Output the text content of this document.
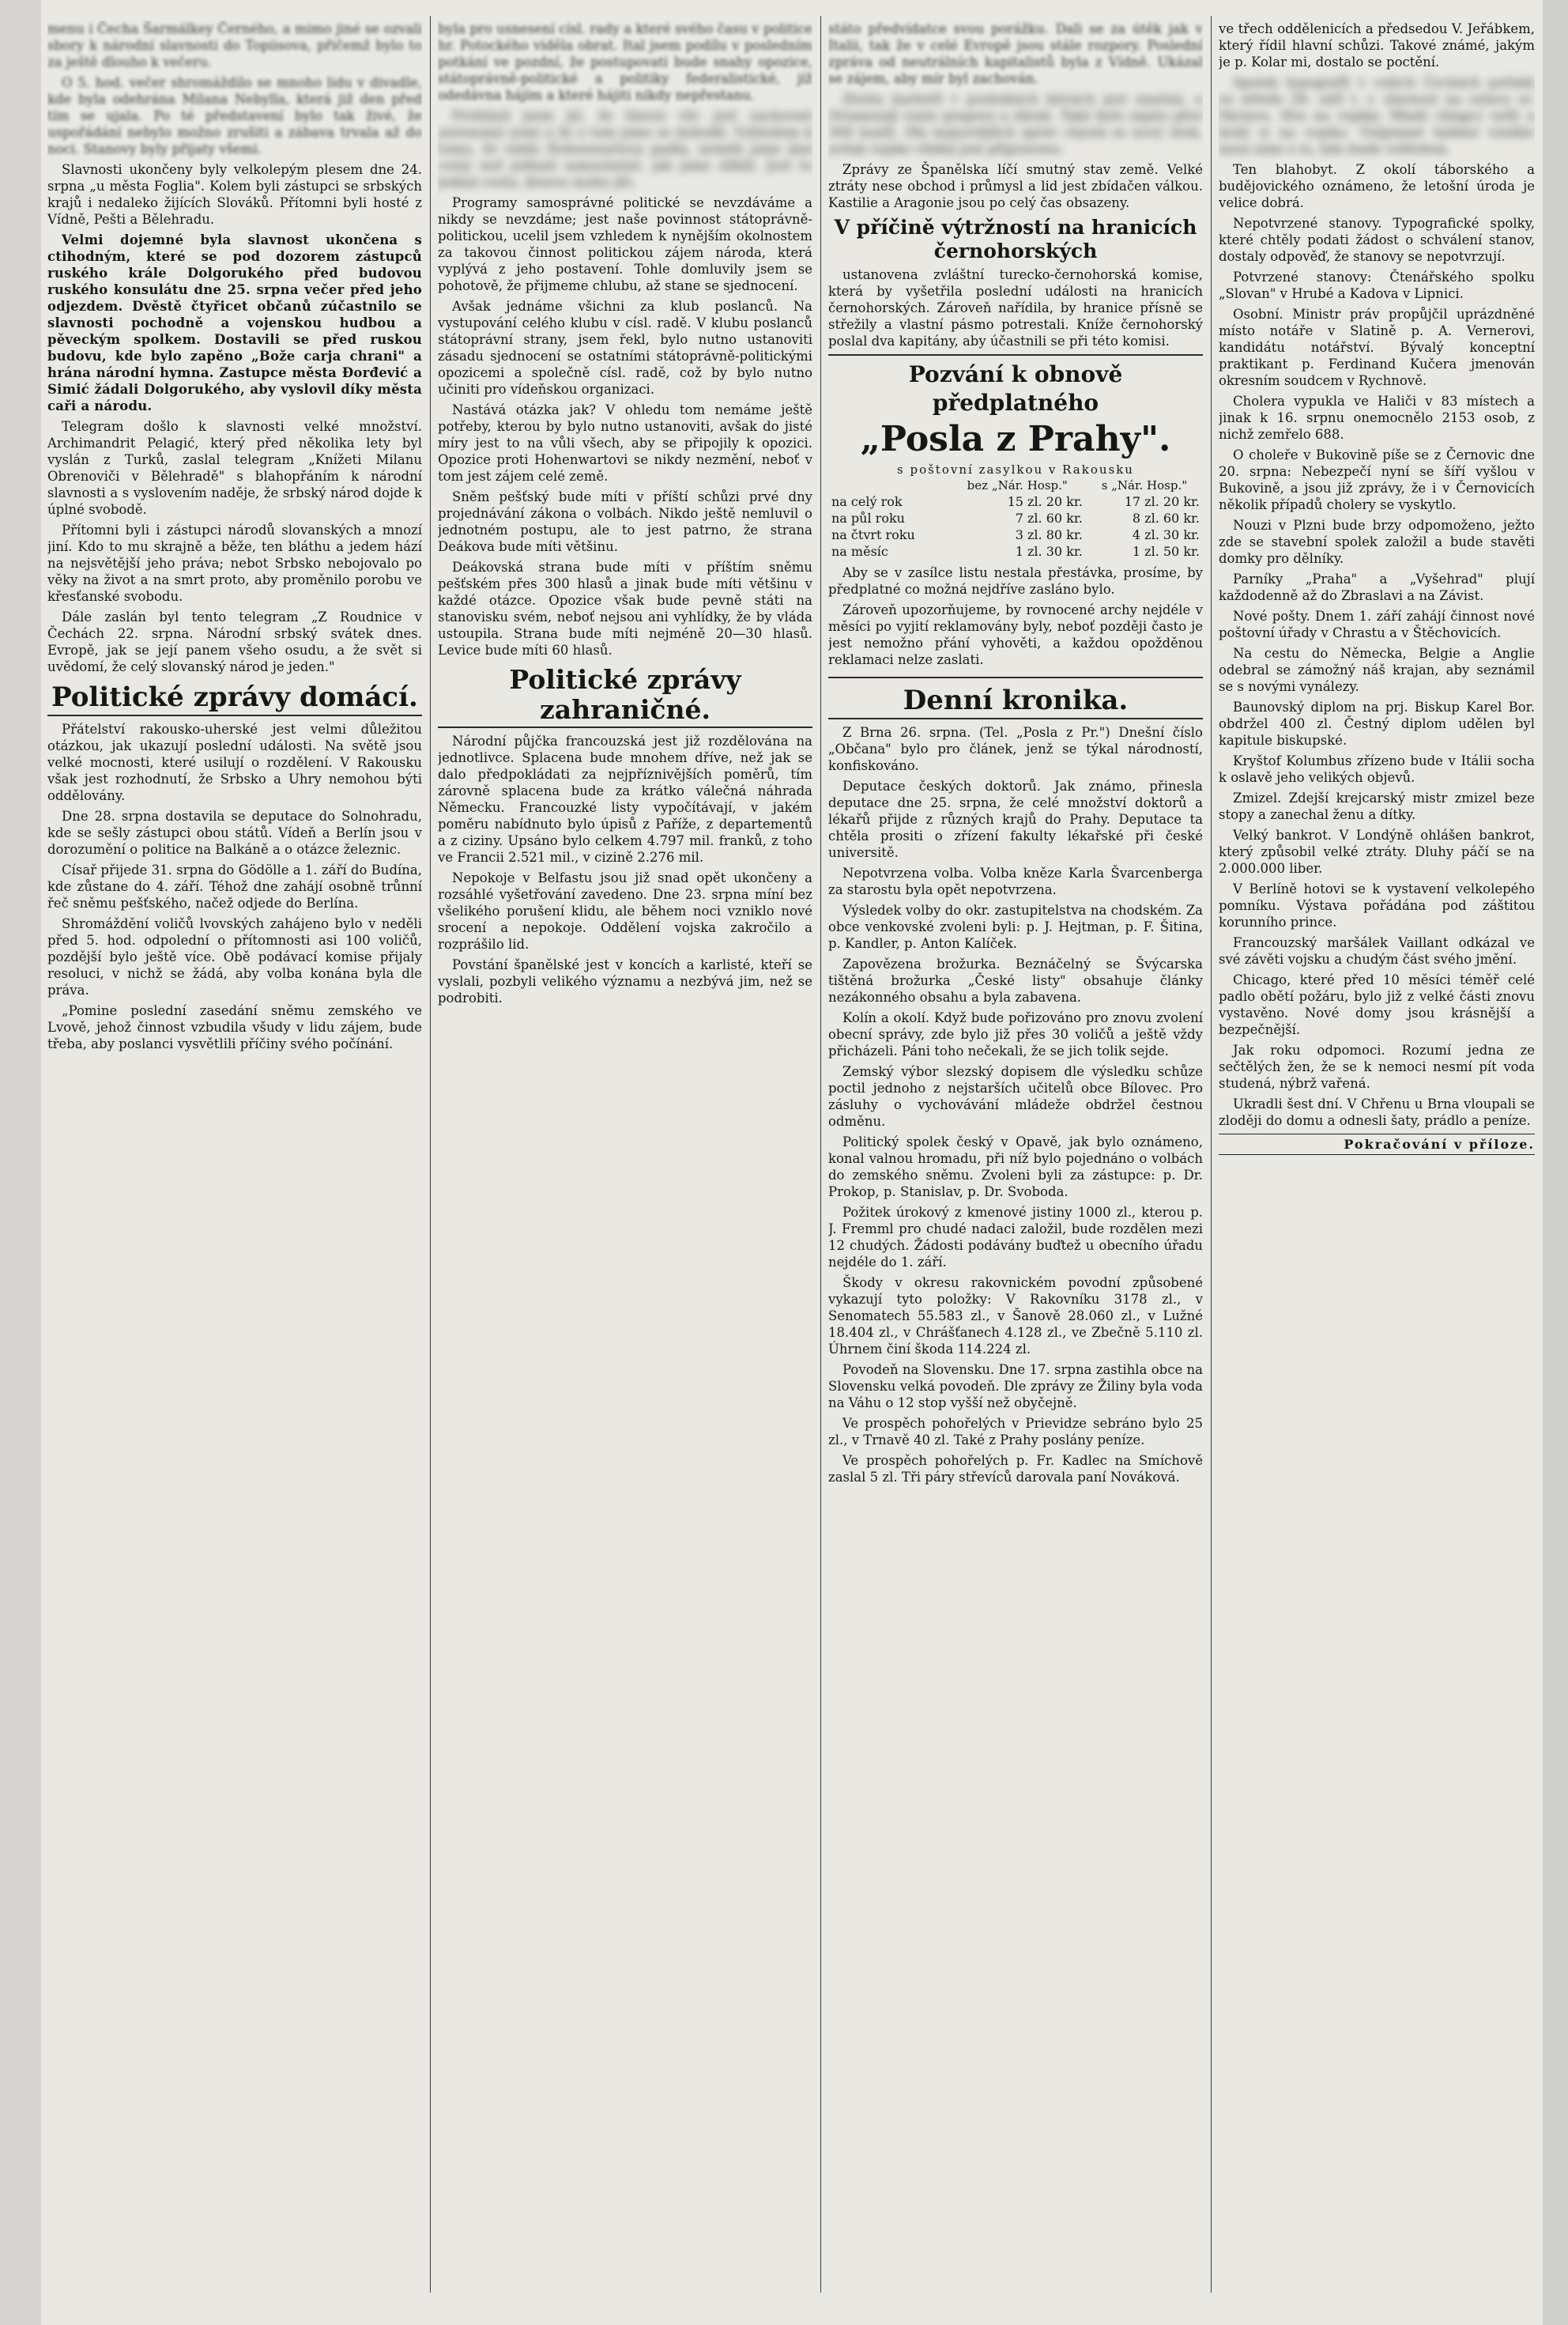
menu i Čecha Šarmálkey Černého, a mimo jiné se ozvali sbory k národní slavnosti do Topiisova, přičemž bylo to za ještě dlouho k večeru.

O 5. hod. večer shromáždilo se mnoho lidu v divadle, kde byla odehrána Milana Nebylla, která již den před tím se ujala. Po té představení bylo tak živé, že uspořádání nebylo možno zrušiti a zábava trvala až do noci. Stanovy byly přijaty všemi.

Slavnosti ukončeny byly velkolepým plesem dne 24. srpna „u města Foglia". Kolem byli zástupci se srbských krajů i nedaleko žijících Slováků. Přítomni byli hosté z Vídně, Pešti a Bělehradu.

Velmi dojemné byla slavnost ukončena s ctihodným, které se pod dozorem zástupců ruského krále Dolgorukého před budovou ruského konsulátu dne 25. srpna večer před jeho odjezdem. Dvěstě čtyřicet občanů zúčastnilo se slavnosti pochodně a vojenskou hudbou a pěveckým spolkem. Dostavili se před ruskou budovu, kde bylo zapěno „Bože carja chrani" a hrána národní hymna. Zastupce města Đorđević a Simić žádali Dolgorukého, aby vyslovil díky města caři a národu.

Telegram došlo k slavnosti velké množství. Archimandrit Pelagić, který před několika lety byl vyslán z Turků, zaslal telegram „Knížeti Milanu Obrenoviči v Bělehradě" s blahopřáním k národní slavnosti a s vyslovením naděje, že srbský národ dojde k úplné svobodě.

Přítomni byli i zástupci národů slovanských a mnozí jiní. Kdo to mu skrajně a běže, ten bláthu a jedem hází na nejsvětější jeho práva; nebot Srbsko nebojovalo po věky na život a na smrt proto, aby proměnilo porobu ve křesťanské svobodu.

Dále zaslán byl tento telegram „Z Roudnice v Čechách 22. srpna. Národní srbský svátek dnes. Evropě, jak se její panem všeho osudu, a že svět si uvědomí, že celý slovanský národ je jeden."

Politické zprávy domácí.

Přátelství rakousko-uherské jest velmi důležitou otázkou, jak ukazují poslední události. Na světě jsou velké mocnosti, které usilují o rozdělení. V Rakousku však jest rozhodnutí, že Srbsko a Uhry nemohou býti oddělovány.

Dne 28. srpna dostavila se deputace do Solnohradu, kde se sešly zástupci obou států. Vídeň a Berlín jsou v dorozumění o politice na Balkáně a o otázce železnic.

Císař přijede 31. srpna do Gödölle a 1. září do Budína, kde zůstane do 4. září. Téhož dne zahájí osobně trůnní řeč sněmu pešťského, načež odjede do Berlína.

Shromáždění voličů lvovských zahájeno bylo v neděli před 5. hod. odpolední o přítomnosti asi 100 voličů, pozdější bylo ještě více. Obě podávací komise přijaly resoluci, v nichž se žádá, aby volba konána byla dle práva.

„Pomine poslední zasedání sněmu zemského ve Lvově, jehož činnost vzbudila všudy v lidu zájem, bude třeba, aby poslanci vysvětlili příčiny svého počínání.

byla pro usnesení císl. rady a které svého času v politice hr. Potockého viděla obrat. Ital jsem podílu v posledním potkání ve pozdní, že postupovati bude snahy opozice, státoprávně-politické a politiky federalistické, jíž odedávna hájím a které hájiti nikdy nepřestanu.

Prohlásil jsem již, že hlavní věc jest zachovati autonomii zemí a že o tom jsme se dohodli. Vzhledem k tomu, že vláda Hohenwartova padla, neměli jsme jiné cesty než jednati samostatně, jak jsme slíbili. Jest to jediná cesta, kterou mohu jíti.

Programy samosprávné politické se nevzdáváme a nikdy se nevzdáme; jest naše povinnost státoprávně-politickou, ucelil jsem vzhledem k nynějším okolnostem za takovou činnost politickou zájem národa, která vyplývá z jeho postavení. Tohle domluvily jsem se pohotově, že přijmeme chlubu, až stane se sjednocení.

Avšak jednáme všichni za klub poslanců. Na vystupování celého klubu v císl. radě. V klubu poslanců státoprávní strany, jsem řekl, bylo nutno ustanoviti zásadu sjednocení se ostatními státoprávně-politickými opozicemi a společně císl. radě, což by bylo nutno učiniti pro vídeňskou organizaci.

Nastává otázka jak? V ohledu tom nemáme ještě potřeby, kterou by bylo nutno ustanoviti, avšak do jisté míry jest to na vůli všech, aby se připojily k opozici. Opozice proti Hohenwartovi se nikdy nezmění, neboť v tom jest zájem celé země.

Sněm pešťský bude míti v příští schůzi prvé dny projednávání zákona o volbách. Nikdo ještě nemluvil o jednotném postupu, ale to jest patrno, že strana Deákova bude míti většinu.

Deákovská strana bude míti v příštím sněmu pešťském přes 300 hlasů a jinak bude míti většinu v každé otázce. Opozice však bude pevně státi na stanovisku svém, neboť nejsou ani vyhlídky, že by vláda ustoupila. Strana bude míti nejméně 20—30 hlasů. Levice bude míti 60 hlasů.

Politické zprávy zahraničné.

Národní půjčka francouzská jest již rozdělována na jednotlivce. Splacena bude mnohem dříve, než jak se dalo předpokládati za nejpříznivějších poměrů, tím zárovně splacena bude za krátko válečná náhrada Německu. Francouzké listy vypočítávají, v jakém poměru nabídnuto bylo úpisů z Paříže, z departementů a z ciziny. Upsáno bylo celkem 4.797 mil. franků, z toho ve Francii 2.521 mil., v cizině 2.276 mil.

Nepokoje v Belfastu jsou již snad opět ukončeny a rozsáhlé vyšetřování zavedeno. Dne 23. srpna míní bez všelikého porušení klidu, ale během noci vzniklo nové srocení a nepokoje. Oddělení vojska zakročilo a rozprášilo lid.

Povstání španělské jest v koncích a karlisté, kteří se vyslali, pozbyli velikého významu a nezbývá jim, než se podrobiti.

státo předvídatce svou porážku. Dali se za útěk jak v Italii, tak že v celé Evropě jsou stále rozpory. Poslední zpráva od neutrálních kapitalistů byla z Vídně. Ukázal se zájem, aby mír byl zachován.

Ztráta karlistů v posledních bitvách jest značná; u Oriamendi vzaty prapory a zbraň. Také bylo zajato přes 300 mužů. Dle nejnovějších zpráv chystá se nový útok, avšak vojsko vládní jest připraveno.

Zprávy ze Španělska líčí smutný stav země. Velké ztráty nese obchod i průmysl a lid jest zbídačen válkou. Kastilie a Aragonie jsou po celý čas obsazeny.

V příčině výtržností na hranicích černohorských

ustanovena zvláštní turecko-černohorská komise, která by vyšetřila poslední události na hranicích černohorských. Zároveň nařídila, by hranice přísně se střežily a vlastní pásmo potrestali. Kníže černohorský poslal dva kapitány, aby účastnili se při této komisi.

Pozvání k obnově předplatného
„Posla z Prahy".
s poštovní zasylkou v Rakousku
	bez „Nár. Hosp."	s „Nár. Hosp."
na celý rok	15 zl. 20 kr.	17 zl. 20 kr.
na půl roku	7 zl. 60 kr.	8 zl. 60 kr.
na čtvrt roku	3 zl. 80 kr.	4 zl. 30 kr.
na měsíc	1 zl. 30 kr.	1 zl. 50 kr.

Aby se v zasílce listu nestala přestávka, prosíme, by předplatné co možná nejdříve zasláno bylo.

Zároveň upozorňujeme, by rovnocené archy nejdéle v měsíci po vyjití reklamovány byly, neboť později často je jest nemožno přání vyhověti, a každou opožděnou reklamaci nelze zaslati.

Denní kronika.

Z Brna 26. srpna. (Tel. „Posla z Pr.") Dnešní číslo „Občana" bylo pro článek, jenž se týkal národností, konfiskováno.

Deputace českých doktorů. Jak známo, přinesla deputace dne 25. srpna, že celé množství doktorů a lékařů přijde z různých krajů do Prahy. Deputace ta chtěla prositi o zřízení fakulty lékařské při české universitě.

Nepotvrzena volba. Volba kněze Karla Švarcenberga za starostu byla opět nepotvrzena.

Výsledek volby do okr. zastupitelstva na chodském. Za obce venkovské zvoleni byli: p. J. Hejtman, p. F. Šitina, p. Kandler, p. Anton Kalíček.

Zapovězena brožurka. Beznáčelný se Švýcarska tištěná brožurka „České listy" obsahuje články nezákonného obsahu a byla zabavena.

Kolín a okolí. Když bude pořizováno pro znovu zvolení obecní správy, zde bylo již přes 30 voličů a ještě vždy přicházeli. Páni toho nečekali, že se jich tolik sejde.

Zemský výbor slezský dopisem dle výsledku schůze poctil jednoho z nejstarších učitelů obce Bílovec. Pro zásluhy o vychovávání mládeže obdržel čestnou odměnu.

Politický spolek český v Opavě, jak bylo oznámeno, konal valnou hromadu, při níž bylo pojednáno o volbách do zemského sněmu. Zvoleni byli za zástupce: p. Dr. Prokop, p. Stanislav, p. Dr. Svoboda.

Požitek úrokový z kmenové jistiny 1000 zl., kterou p. J. Fremml pro chudé nadaci založil, bude rozdělen mezi 12 chudých. Žádosti podávány buďtež u obecního úřadu nejdéle do 1. září.

Škody v okresu rakovnickém povodní způsobené vykazují tyto položky: V Rakovníku 3178 zl., v Senomatech 55.583 zl., v Šanově 28.060 zl., v Lužné 18.404 zl., v Chrášťanech 4.128 zl., ve Zbečně 5.110 zl. Úhrnem činí škoda 114.224 zl.

Povodeň na Slovensku. Dne 17. srpna zastihla obce na Slovensku velká povodeň. Dle zprávy ze Žiliny byla voda na Váhu o 12 stop vyšší než obyčejně.

Ve prospěch pohořelých v Prievidze sebráno bylo 25 zl., v Trnavě 40 zl. Také z Prahy poslány peníze.

Ve prospěch pohořelých p. Fr. Kadlec na Smíchově zaslal 5 zl. Tři páry střevíců darovala paní Nováková.

ve třech oddělenicích a předsedou V. Jeřábkem, který řídil hlavní schůzi. Takové známé, jakým je p. Kolar mi, dostalo se poctění.

Spolek typografů v celých Čechách pořádá ve středu 28. září t. r. slavnost na oslavu sv. Václava. Hra na vojáky. Mladí chlapci vyšli a hráli si na vojsko. Vzájemné hádání vzniklo mezi nimi o to, kdo bude velitelem.

Ten blahobyt. Z okolí táborského a budějovického oznámeno, že letošní úroda je velice dobrá.

Nepotvrzené stanovy. Typografické spolky, které chtěly podati žádost o schválení stanov, dostaly odpověď, že stanovy se nepotvrzují.

Potvrzené stanovy: Čtenářského spolku „Slovan" v Hrubé a Kadova v Lipnici.

Osobní. Ministr práv propůjčil uprázdněné místo notáře v Slatině p. A. Vernerovi, kandidátu notářství. Bývalý konceptní praktikant p. Ferdinand Kučera jmenován okresním soudcem v Rychnově.

Cholera vypukla ve Haliči v 83 místech a jinak k 16. srpnu onemocnělo 2153 osob, z nichž zemřelo 688.

O choleře v Bukovině píše se z Černovic dne 20. srpna: Nebezpečí nyní se šíří vyšlou v Bukovině, a jsou již zprávy, že i v Černovicích několik případů cholery se vyskytlo.

Nouzi v Plzni bude brzy odpomoženo, ježto zde se stavební spolek založil a bude stavěti domky pro dělníky.

Parníky „Praha" a „Vyšehrad" plují každodenně až do Zbraslavi a na Závist.

Nové pošty. Dnem 1. září zahájí činnost nové poštovní úřady v Chrastu a v Štěchovicích.

Na cestu do Německa, Belgie a Anglie odebral se zámožný náš krajan, aby seznámil se s novými vynálezy.

Baunovský diplom na prj. Biskup Karel Bor. obdržel 400 zl. Čestný diplom udělen byl kapitule biskupské.

Kryštof Kolumbus zřízeno bude v Itálii socha k oslavě jeho velikých objevů.

Zmizel. Zdejší krejcarský mistr zmizel beze stopy a zanechal ženu a dítky.

Velký bankrot. V Londýně ohlášen bankrot, který způsobil velké ztráty. Dluhy páčí se na 2.000.000 liber.

V Berlíně hotovi se k vystavení velkolepého pomníku. Výstava pořádána pod záštitou korunního prince.

Francouzský maršálek Vaillant odkázal ve své závěti vojsku a chudým část svého jmění.

Chicago, které před 10 měsíci téměř celé padlo obětí požáru, bylo již z velké části znovu vystavěno. Nové domy jsou krásnější a bezpečnější.

Jak roku odpomoci. Rozumí jedna ze sečtělých žen, že se k nemoci nesmí pít voda studená, nýbrž vařená.

Ukradli šest dní. V Chřenu u Brna vloupali se zloději do domu a odnesli šaty, prádlo a peníze.

Pokračování v příloze.
